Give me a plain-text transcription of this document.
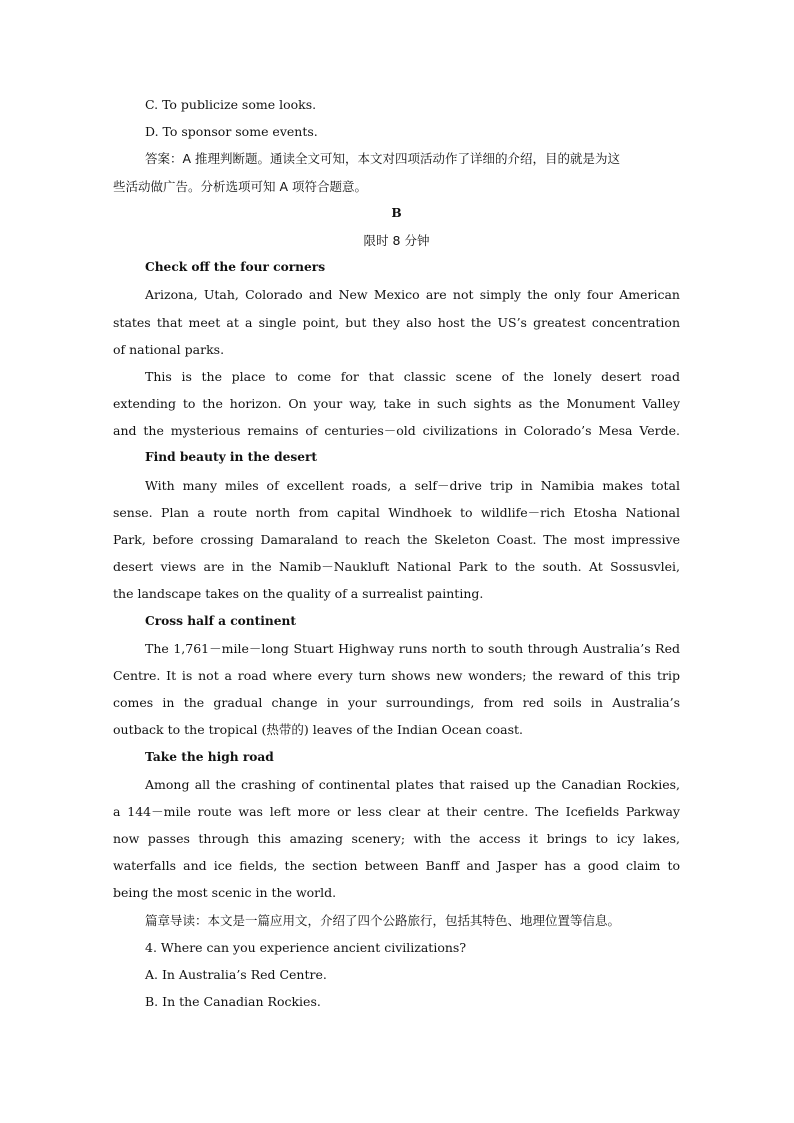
C. To publicize some looks.
D. To sponsor some events.
答案：A 推理判断题。通读全文可知，本文对四项活动作了详细的介绍，目的就是为这
些活动做广告。分析选项可知 A 项符合题意。
B
限时 8 分钟
Check off the four corners
Arizona, Utah, Colorado and New Mexico are not simply the only four American
states that meet at a single point, but they also host the US’s greatest concentration
of national parks.
This is the place to come for that classic scene of the lonely desert road
extending to the horizon. On your way, take in such sights as the Monument Valley
and the mysterious remains of centuries－old civilizations in Colorado’s Mesa Verde.
Find beauty in the desert
With many miles of excellent roads, a self－drive trip in Namibia makes total
sense. Plan a route north from capital Windhoek to wildlife－rich Etosha National
Park, before crossing Damaraland to reach the Skeleton Coast. The most impressive
desert views are in the Namib－Naukluft National Park to the south. At Sossusvlei,
the landscape takes on the quality of a surrealist painting.
Cross half a continent
The 1,761－mile－long Stuart Highway runs north to south through Australia’s Red
Centre. It is not a road where every turn shows new wonders; the reward of this trip
comes in the gradual change in your surroundings, from red soils in Australia’s
outback to the tropical (热带的) leaves of the Indian Ocean coast.
Take the high road
Among all the crashing of continental plates that raised up the Canadian Rockies,
a 144－mile route was left more or less clear at their centre. The Icefields Parkway
now passes through this amazing scenery; with the access it brings to icy lakes,
waterfalls and ice fields, the section between Banff and Jasper has a good claim to
being the most scenic in the world.
篇章导读：本文是一篇应用文，介绍了四个公路旅行，包括其特色、地理位置等信息。
4. Where can you experience ancient civilizations?
A. In Australia’s Red Centre.
B. In the Canadian Rockies.
